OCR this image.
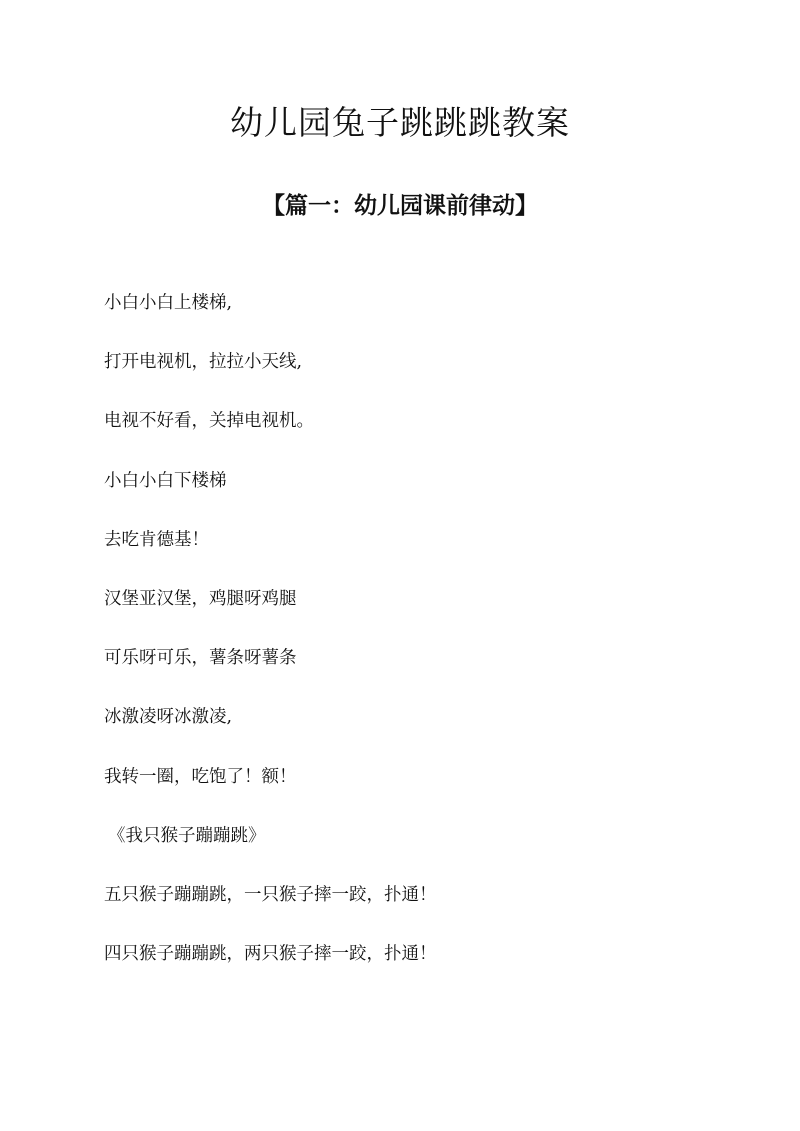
幼儿园兔子跳跳跳教案
【篇一：幼儿园课前律动】
小白小白上楼梯,
打开电视机，拉拉小天线,
电视不好看，关掉电视机。
小白小白下楼梯
去吃肯德基！
汉堡亚汉堡，鸡腿呀鸡腿
可乐呀可乐，薯条呀薯条
冰激凌呀冰激凌,
我转一圈，吃饱了！额！
《我只猴子蹦蹦跳》
五只猴子蹦蹦跳，一只猴子摔一跤，扑通！
四只猴子蹦蹦跳，两只猴子摔一跤，扑通！
